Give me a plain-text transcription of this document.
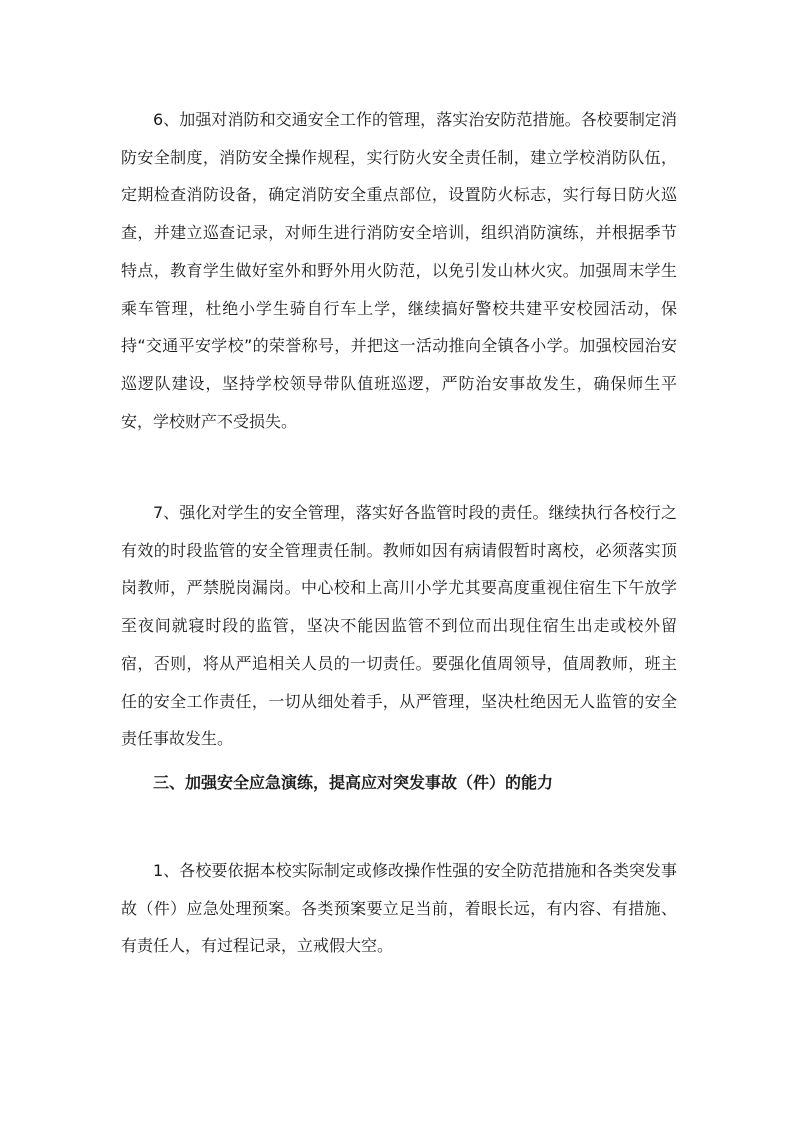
6、加强对消防和交通安全工作的管理，落实治安防范措施。各校要制定消防安全制度，消防安全操作规程，实行防火安全责任制，建立学校消防队伍，定期检查消防设备，确定消防安全重点部位，设置防火标志，实行每日防火巡查，并建立巡查记录，对师生进行消防安全培训，组织消防演练，并根据季节特点，教育学生做好室外和野外用火防范，以免引发山林火灾。加强周末学生乘车管理，杜绝小学生骑自行车上学，继续搞好警校共建平安校园活动，保持“交通平安学校”的荣誉称号，并把这一活动推向全镇各小学。加强校园治安巡逻队建设，坚持学校领导带队值班巡逻，严防治安事故发生，确保师生平安，学校财产不受损失。

7、强化对学生的安全管理，落实好各监管时段的责任。继续执行各校行之有效的时段监管的安全管理责任制。教师如因有病请假暂时离校，必须落实顶岗教师，严禁脱岗漏岗。中心校和上高川小学尤其要高度重视住宿生下午放学至夜间就寝时段的监管，坚决不能因监管不到位而出现住宿生出走或校外留宿，否则，将从严追相关人员的一切责任。要强化值周领导，值周教师，班主任的安全工作责任，一切从细处着手，从严管理，坚决杜绝因无人监管的安全责任事故发生。

三、加强安全应急演练，提高应对突发事故（件）的能力

1、各校要依据本校实际制定或修改操作性强的安全防范措施和各类突发事故（件）应急处理预案。各类预案要立足当前，着眼长远，有内容、有措施、有责任人，有过程记录，立戒假大空。
